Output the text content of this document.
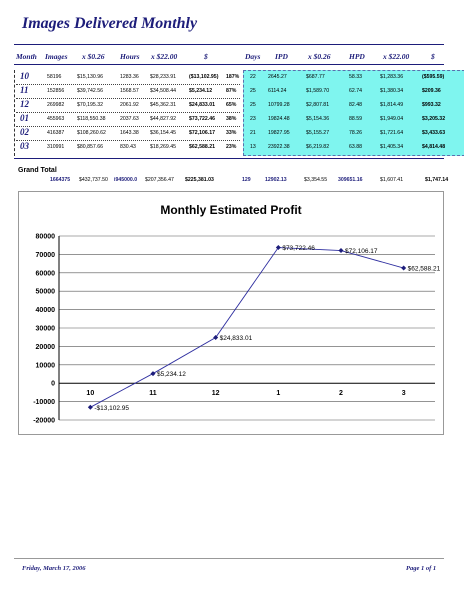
Images Delivered Monthly
Month Images x $0.26 Hours x $22.00	$	Days IPD	x $0.26 HPD x $22.00	$
10	58196	$15,130.96	1283.36 $28,233.91	($13,102.95) 187% 22 2645.27	$687.77	58.33	$1,283.36	($595.59)
11	152856 $39,742.56	1568.57 $34,508.44	$5,234.12	87%	25 6114.24	$1,589.70	62.74	$1,380.34	$209.36
12	269982 $70,195.32	2061.92 $45,362.31	$24,833.01 65%	25 10799.28	$2,807.81	82.48	$1,814.49	$993.32
01	455963 $118,550.38	2037.63 $44,827.92	$73,722.46 38%	23 19824.48	$5,154.36	88.59	$1,949.04	$3,205.32
02	416387 $108,260.62	1643.38 $36,154.45	$72,106.17 33%	21 19827.95	$5,155.27	78.26	$1,721.64	$3,433.63
03	310991 $80,857.66	830.43	$18,269.45	$62,588.21 23%	13 23922.38	$6,219.82	63.88	$1,405.34	$4,814.48
Grand Total
1664375 $432,737.50 i945000.0 $207,356.47 $225,381.03	129	12902.13	$3,354.55 309651.16	$1,607.41	$1,747.14
Monthly Estimated Profit
80000
70000
60000
50000
40000
30000
20000
10000
0
-10000
-20000
10	11	12	1	2	3
-$13,102.95
$5,234.12
$24,833.01
$73,722.46	$72,106.17
$62,588.21
Friday, March 17, 2006	Page 1 of 1
